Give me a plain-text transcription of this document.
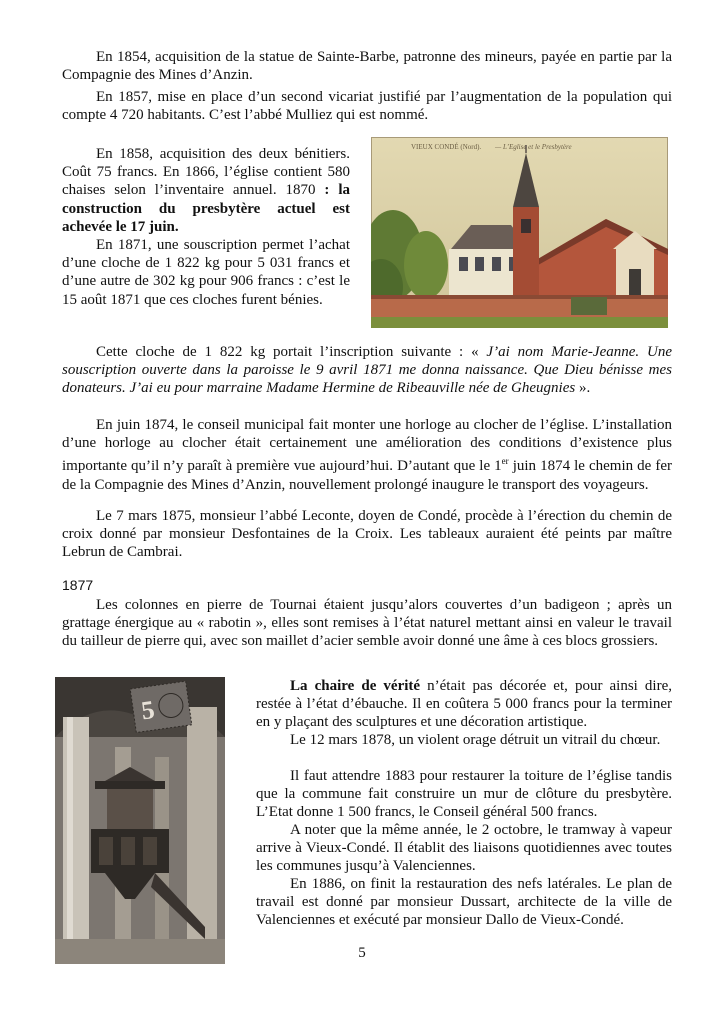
En 1854, acquisition de la statue de Sainte-Barbe, patronne des mineurs, payée en partie par la Compagnie des Mines d’Anzin.

En 1857, mise en place d’un second vicariat justifié par l’augmentation de la population qui compte 4 720 habitants. C’est l’abbé Mulliez qui est nommé.

En 1858, acquisition des deux bénitiers. Coût 75 francs. En 1866, l’église contient 580 chaises selon l’inventaire annuel. 1870 : la construction du presbytère actuel est achevée le 17 juin.

En 1871, une souscription permet l’achat d’une cloche de 1 822 kg pour 5 031 francs et d’une autre de 302 kg pour 906 francs : c’est le 15 août 1871 que ces cloches furent bénies.

VIEUX CONDÉ (Nord). — L’Eglise et le Presbytère

Cette cloche de 1 822 kg portait l’inscription suivante : « J’ai nom Marie-Jeanne. Une souscription ouverte dans la paroisse le 9 avril 1871 me donna naissance. Que Dieu bénisse mes donateurs. J’ai eu pour marraine Madame Hermine de Ribeauville née de Gheugnies ».

En juin 1874, le conseil municipal fait monter une horloge au clocher de l’église. L’installation d’une horloge au clocher était certainement une amélioration des conditions d’existence plus importante qu’il n’y paraît à première vue aujourd’hui. D’autant que le 1er juin 1874 le chemin de fer de la Compagnie des Mines d’Anzin, nouvellement prolongé inaugure le transport des voyageurs.

Le 7 mars 1875, monsieur l’abbé Leconte, doyen de Condé, procède à l’érection du chemin de croix donné par monsieur Desfontaines de la Croix. Les tableaux auraient été peints par maître Lebrun de Cambrai.

1877

Les colonnes en pierre de Tournai étaient jusqu’alors couvertes d’un badigeon ; après un grattage énergique au « rabotin », elles sont remises à l’état naturel mettant ainsi en valeur le travail du tailleur de pierre qui, avec son maillet d’acier semble avoir donné une âme à ces blocs grossiers.

5

La chaire de vérité n’était pas décorée et, pour ainsi dire, restée à l’état d’ébauche. Il en coûtera 5 000 francs pour la terminer en y plaçant des sculptures et une décoration artistique.

Le 12 mars 1878, un violent orage détruit un vitrail du chœur.

Il faut attendre 1883 pour restaurer la toiture de l’église tandis que la commune fait construire un mur de clôture du presbytère. L’Etat donne 1 500 francs, le Conseil général 500 francs.

A noter que la même année, le 2 octobre, le tramway à vapeur arrive à Vieux-Condé. Il établit des liaisons quotidiennes avec toutes les communes jusqu’à Valenciennes.

En 1886, on finit la restauration des nefs latérales. Le plan de travail est donné par monsieur Dussart, architecte de la ville de Valenciennes et exécuté par monsieur Dallo de Vieux-Condé.

5
